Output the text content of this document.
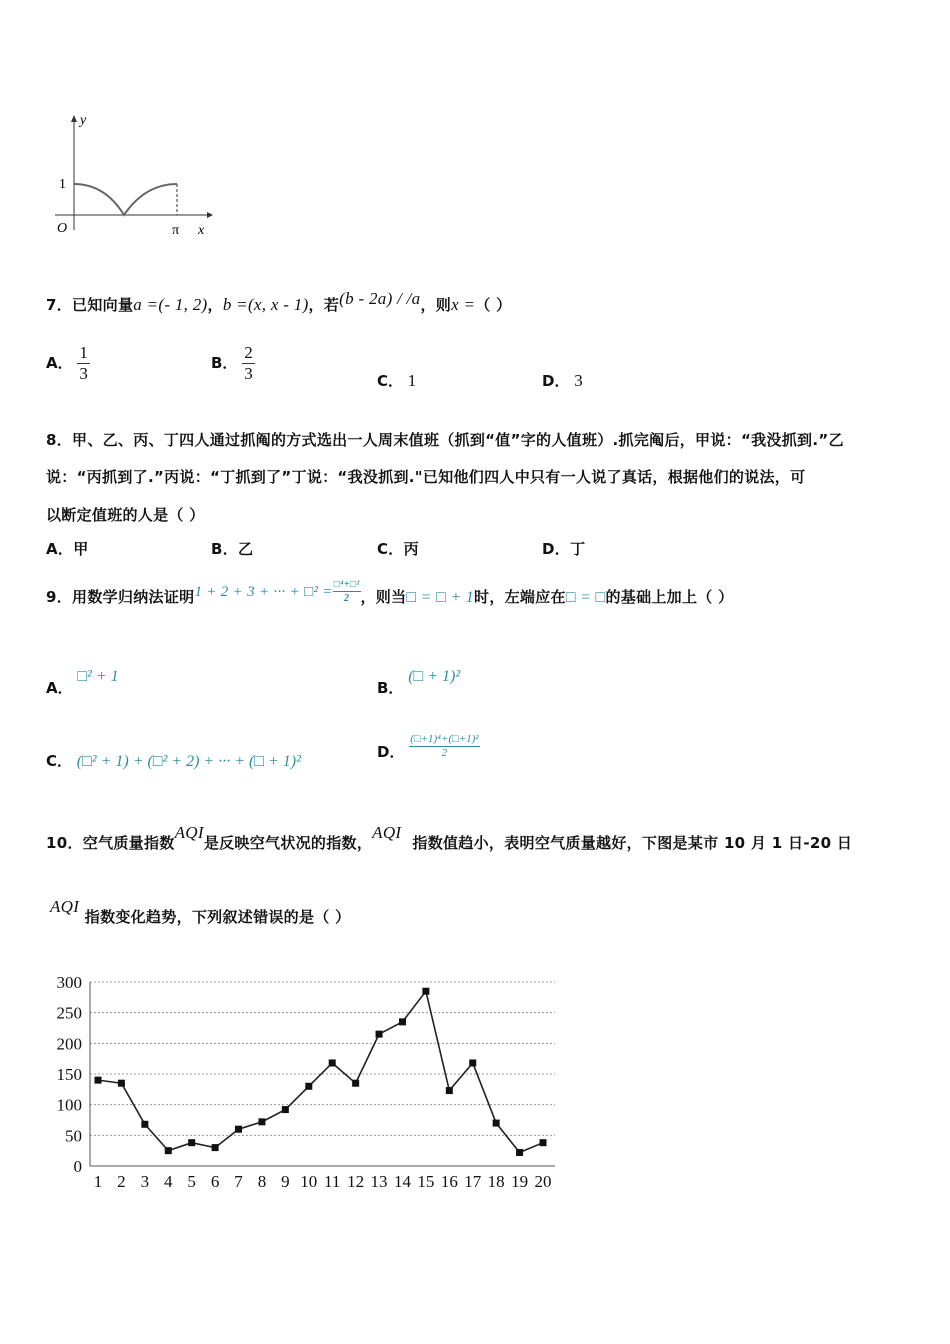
y
1
O	π x
7．已知向量a =(- 1, 2)，b =(x, x - 1)，若(b - 2a) / /a，则x =（ ）
A． $\frac{1}{3}$	B． $\frac{2}{3}$	C． 1	D． 3
8．甲、乙、丙、丁四人通过抓阄的方式选出一人周末值班（抓到“值”字的人值班）.抓完阄后，甲说：“我没抓到.”乙
说：“丙抓到了.”丙说：“丁抓到了”丁说：“我没抓到."已知他们四人中只有一人说了真话，根据他们的说法，可
以断定值班的人是（ ）
A．甲	B．乙	C．丙	D．丁
9．用数学归纳法证明1 + 2 + 3 + ··· + □² = $\frac{\text{□⁴+□²}}{2}$ ，则当□ = □ + 1时，左端应在□ = □的基础上加上（ ）
A． □² + 1
B． (□ + 1)²
C． (□² + 1) + (□² + 2) + ··· + (□ + 1)²
D． $\frac{\text{(□+1)⁴+(□+1)²}}{2}$
10．空气质量指数AQI是反映空气状况的指数，AQI  指数值趋小，表明空气质量越好，下图是某市 10 月 1 日-20 日
AQI 指数变化趋势，下列叙述错误的是（ ）
300
250
200
150
100
50
0
1 2 3 4 5 6 7 8 9 10 11 12 13 14 15 16 17 18 19 20
